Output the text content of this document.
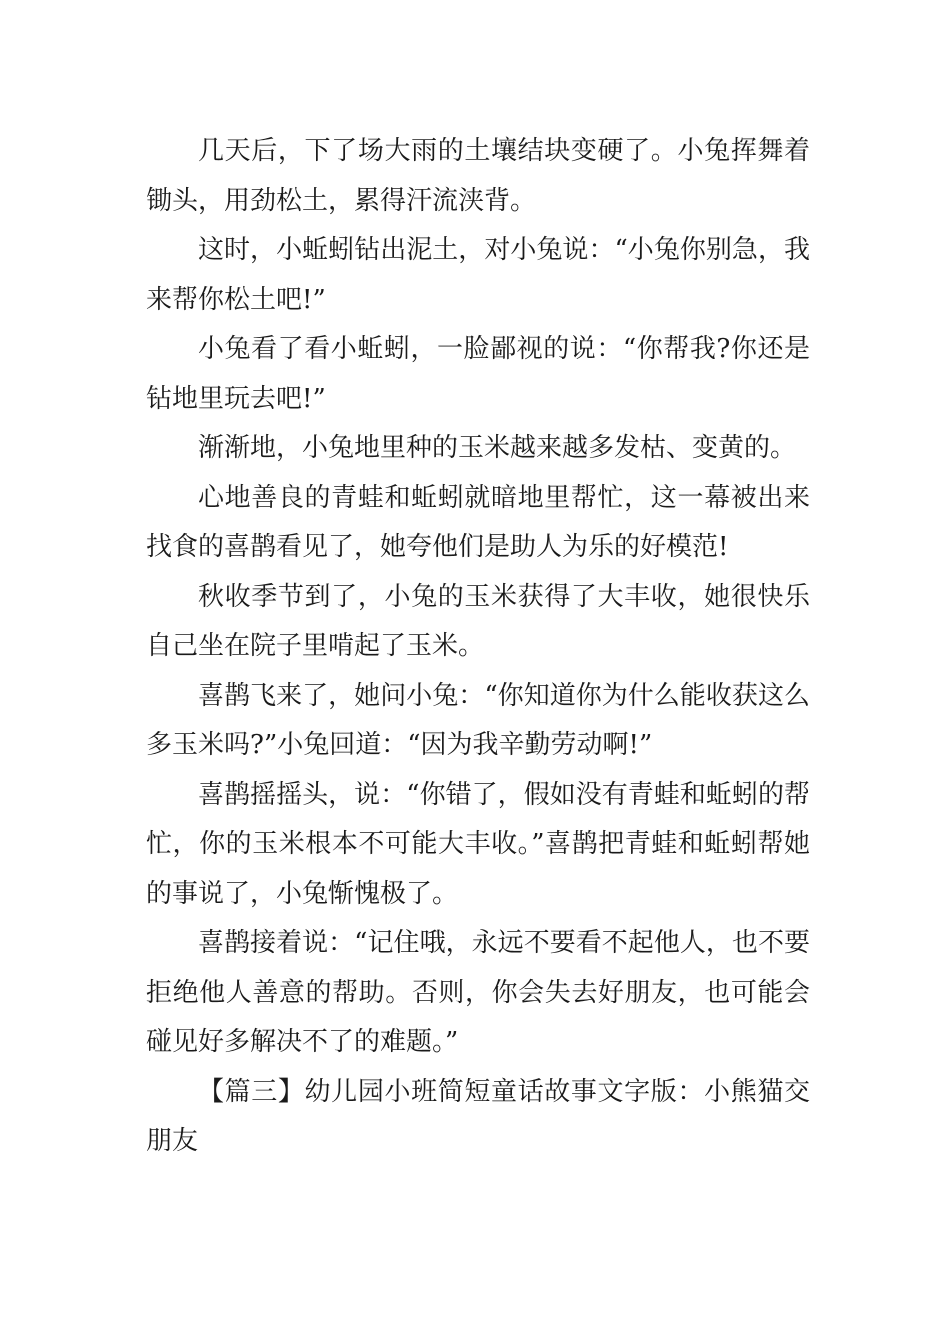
几天后，下了场大雨的土壤结块变硬了。小兔挥舞着锄头，用劲松土，累得汗流浃背。

这时，小蚯蚓钻出泥土，对小兔说：“小兔你别急，我来帮你松土吧!”

小兔看了看小蚯蚓，一脸鄙视的说：“你帮我?你还是钻地里玩去吧!”

渐渐地，小兔地里种的玉米越来越多发枯、变黄的。

心地善良的青蛙和蚯蚓就暗地里帮忙，这一幕被出来找食的喜鹊看见了，她夸他们是助人为乐的好模范!

秋收季节到了，小兔的玉米获得了大丰收，她很快乐自己坐在院子里啃起了玉米。

喜鹊飞来了，她问小兔：“你知道你为什么能收获这么多玉米吗?”小兔回道：“因为我辛勤劳动啊!”

喜鹊摇摇头，说：“你错了，假如没有青蛙和蚯蚓的帮忙，你的玉米根本不可能大丰收。”喜鹊把青蛙和蚯蚓帮她的事说了，小兔惭愧极了。

喜鹊接着说：“记住哦，永远不要看不起他人，也不要拒绝他人善意的帮助。否则，你会失去好朋友，也可能会碰见好多解决不了的难题。”

【篇三】幼儿园小班简短童话故事文字版：小熊猫交朋友
